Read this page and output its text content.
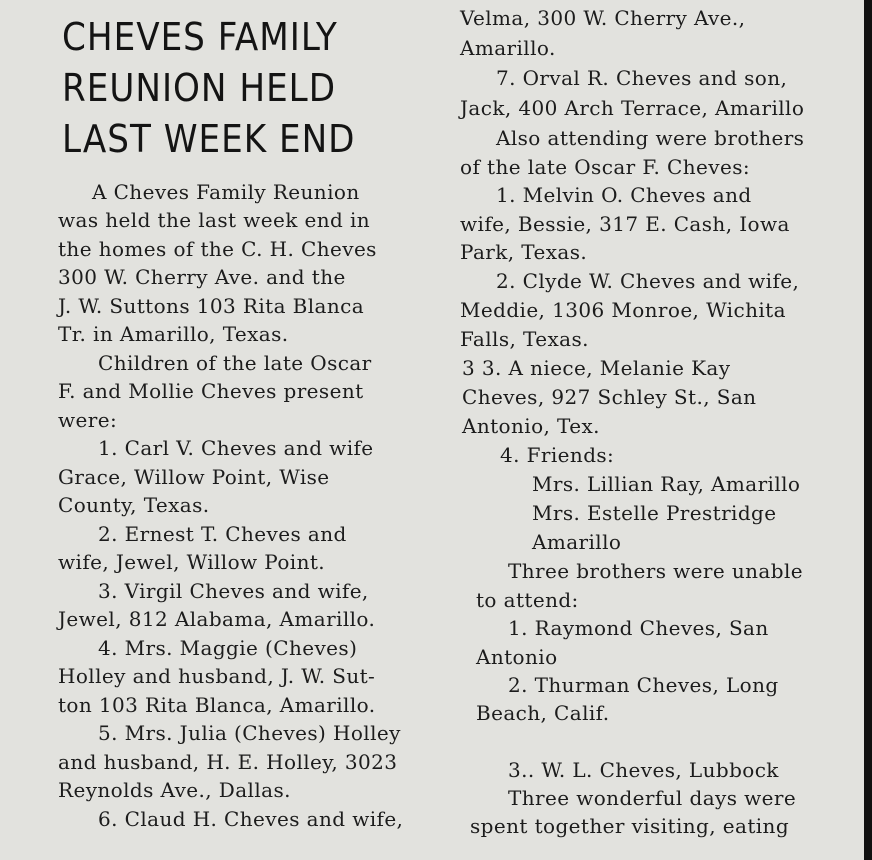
CHEVES FAMILY
REUNION HELD
LAST WEEK END
A Cheves Family Reunion
was held the last week end in
the homes of the C. H. Cheves
300 W. Cherry Ave. and the
J. W. Suttons 103 Rita Blanca
Tr. in Amarillo, Texas.
Children of the late Oscar
F. and Mollie Cheves present
were:
1. Carl V. Cheves and wife
Grace, Willow Point, Wise
County, Texas.
2. Ernest T. Cheves and
wife, Jewel, Willow Point.
3. Virgil Cheves and wife,
Jewel, 812 Alabama, Amarillo.
4. Mrs. Maggie (Cheves)
Holley and husband, J. W. Sut-
ton 103 Rita Blanca, Amarillo.
5. Mrs. Julia (Cheves) Holley
and husband, H. E. Holley, 3023
Reynolds Ave., Dallas.
6. Claud H. Cheves and wife,
Velma, 300 W. Cherry Ave.,
Amarillo.
7. Orval R. Cheves and son,
Jack, 400 Arch Terrace, Amarillo
Also attending were brothers
of the late Oscar F. Cheves:
1. Melvin O. Cheves and
wife, Bessie, 317 E. Cash, Iowa
Park, Texas.
2. Clyde W. Cheves and wife,
Meddie, 1306 Monroe, Wichita
Falls, Texas.
3 3. A niece, Melanie Kay
Cheves, 927 Schley St., San
Antonio, Tex.
4. Friends:
Mrs. Lillian Ray, Amarillo
Mrs. Estelle Prestridge
Amarillo
Three brothers were unable
to attend:
1. Raymond Cheves, San
Antonio
2. Thurman Cheves, Long
Beach, Calif.
3.. W. L. Cheves, Lubbock
Three wonderful days were
spent together visiting, eating
